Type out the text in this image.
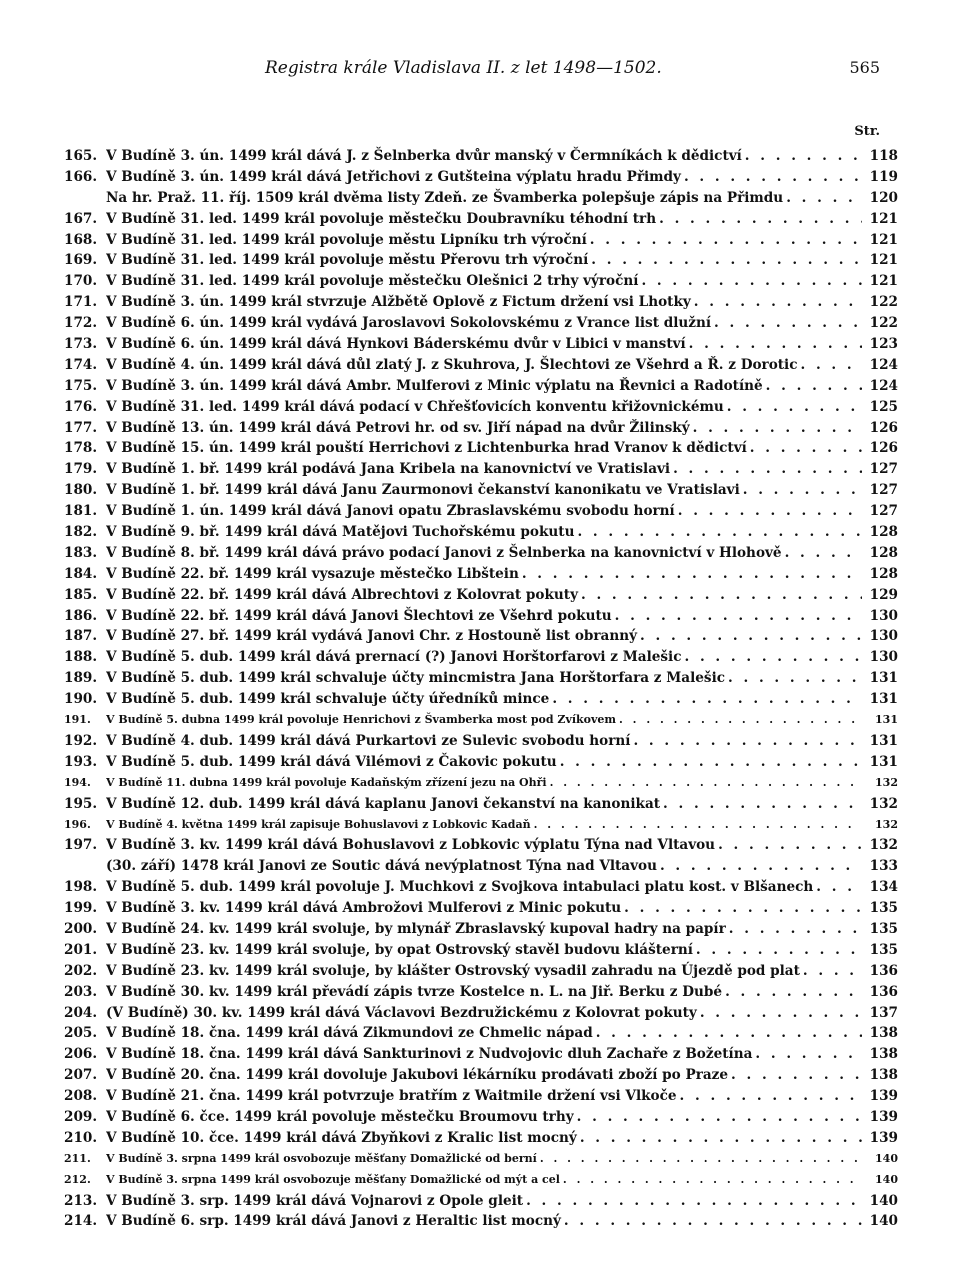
Registra krále Vladislava II. z let 1498—1502.	565
Str.
165. V Budíně 3. ún. 1499 král dává J. z Šelnberka dvůr manský v Čermníkách k dědictví . . .	118
166. V Budíně 3. ún. 1499 král dává Jetřichovi z Gutšteina výplatu hradu Přimdy . . .	119
Na hr. Praž. 11. říj. 1509 král dvěma listy Zdeň. ze Švamberka polepšuje zápis na Přimdu . . .	120
167. V Budíně 31. led. 1499 král povoluje městečku Doubravníku téhodní trh . . .	121
168. V Budíně 31. led. 1499 král povoluje městu Lipníku trh výroční . . .	121
169. V Budíně 31. led. 1499 král povoluje městu Přerovu trh výroční . . .	121
170. V Budíně 31. led. 1499 král povoluje městečku Olešnici 2 trhy výroční . . .	121
171. V Budíně 3. ún. 1499 král stvrzuje Alžbětě Oplově z Fictum držení vsi Lhotky . . .	122
172. V Budíně 6. ún. 1499 král vydává Jaroslavovi Sokolovskému z Vrance list dlužní . . .	122
173. V Budíně 6. ún. 1499 král dává Hynkovi Báderskému dvůr v Libici v manství . . .	123
174. V Budíně 4. ún. 1499 král dává důl zlatý J. z Skuhrova, J. Šlechtovi ze Všehrd a Ř. z Dorotic . . .	124
175. V Budíně 3. ún. 1499 král dává Ambr. Mulferovi z Minic výplatu na Řevnici a Radotíně . . .	124
176. V Budíně 31. led. 1499 král dává podací v Chřešťovicích konventu křižovnickému . . .	125
177. V Budíně 13. ún. 1499 král dává Petrovi hr. od sv. Jiří nápad na dvůr Žilinský . . .	126
178. V Budíně 15. ún. 1499 král pouští Herrichovi z Lichtenburka hrad Vranov k dědictví . . .	126
179. V Budíně 1. bř. 1499 král podává Jana Kribela na kanovnictví ve Vratislavi . . .	127
180. V Budíně 1. bř. 1499 král dává Janu Zaurmonovi čekanství kanonikatu ve Vratislavi . . .	127
181. V Budíně 1. ún. 1499 král dává Janovi opatu Zbraslavskému svobodu horní . . .	127
182. V Budíně 9. bř. 1499 král dává Matějovi Tuchořskému pokutu . . .	128
183. V Budíně 8. bř. 1499 král dává právo podací Janovi z Šelnberka na kanovnictví v Hlohově . . .	128
184. V Budíně 22. bř. 1499 král vysazuje městečko Libštein . . .	128
185. V Budíně 22. bř. 1499 král dává Albrechtovi z Kolovrat pokuty . . .	129
186. V Budíně 22. bř. 1499 král dává Janovi Šlechtovi ze Všehrd pokutu . . .	130
187. V Budíně 27. bř. 1499 král vydává Janovi Chr. z Hostouně list obranný . . .	130
188. V Budíně 5. dub. 1499 král dává prernací (?) Janovi Horštorfarovi z Malešic . . .	130
189. V Budíně 5. dub. 1499 král schvaluje účty mincmistra Jana Horštorfara z Malešic . . .	131
190. V Budíně 5. dub. 1499 král schvaluje účty úředníků mince . . .	131
191.	V Budíně 5. dubna 1499 král povoluje Henrichovi z Švamberka most pod Zvíkovem . . .	131
192. V Budíně 4. dub. 1499 král dává Purkartovi ze Sulevic svobodu horní . . .	131
193. V Budíně 5. dub. 1499 král dává Vilémovi z Čakovic pokutu . . .	131
194.	V Budíně 11. dubna 1499 král povoluje Kadaňským zřízení jezu na Ohři . . .	132
195. V Budíně 12. dub. 1499 král dává kaplanu Janovi čekanství na kanonikat . . .	132
196.	V Budíně 4. května 1499 král zapisuje Bohuslavovi z Lobkovic Kadaň . . .	132
197. V Budíně 3. kv. 1499 král dává Bohuslavovi z Lobkovic výplatu Týna nad Vltavou . . .	132
(30. září) 1478 král Janovi ze Soutic dává nevýplatnost Týna nad Vltavou . . .	133
198. V Budíně 5. dub. 1499 král povoluje J. Muchkovi z Svojkova intabulaci platu kost. v Blšanech . . .	134
199. V Budíně 3. kv. 1499 král dává Ambrožovi Mulferovi z Minic pokutu . . .	135
200. V Budíně 24. kv. 1499 král svoluje, by mlynář Zbraslavský kupoval hadry na papír . . .	135
201. V Budíně 23. kv. 1499 král svoluje, by opat Ostrovský stavěl budovu klášterní . . .	135
202. V Budíně 23. kv. 1499 král svoluje, by klášter Ostrovský vysadil zahradu na Újezdě pod plat . . .	136
203. V Budíně 30. kv. 1499 král převádí zápis tvrze Kostelce n. L. na Jiř. Berku z Dubé . . .	136
204. (V Budíně) 30. kv. 1499 král dává Václavovi Bezdružickému z Kolovrat pokuty . . .	137
205. V Budíně 18. čna. 1499 král dává Zikmundovi ze Chmelic nápad . . .	138
206. V Budíně 18. čna. 1499 král dává Sankturinovi z Nudvojovic dluh Zachaře z Božetína . . .	138
207. V Budíně 20. čna. 1499 král dovoluje Jakubovi lékárníku prodávati zboží po Praze . . .	138
208. V Budíně 21. čna. 1499 král potvrzuje bratřím z Waitmile držení vsi Vlkoče . . .	139
209. V Budíně 6. čce. 1499 král povoluje městečku Broumovu trhy . . .	139
210. V Budíně 10. čce. 1499 král dává Zbyňkovi z Kralic list mocný . . .	139
211.	V Budíně 3. srpna 1499 král osvobozuje měšťany Domažlické od berní . . .	140
212.	V Budíně 3. srpna 1499 král osvobozuje měšťany Domažlické od mýt a cel . . .	140
213. V Budíně 3. srp. 1499 král dává Vojnarovi z Opole gleit . . .	140
214. V Budíně 6. srp. 1499 král dává Janovi z Heraltic list mocný . . .	140
